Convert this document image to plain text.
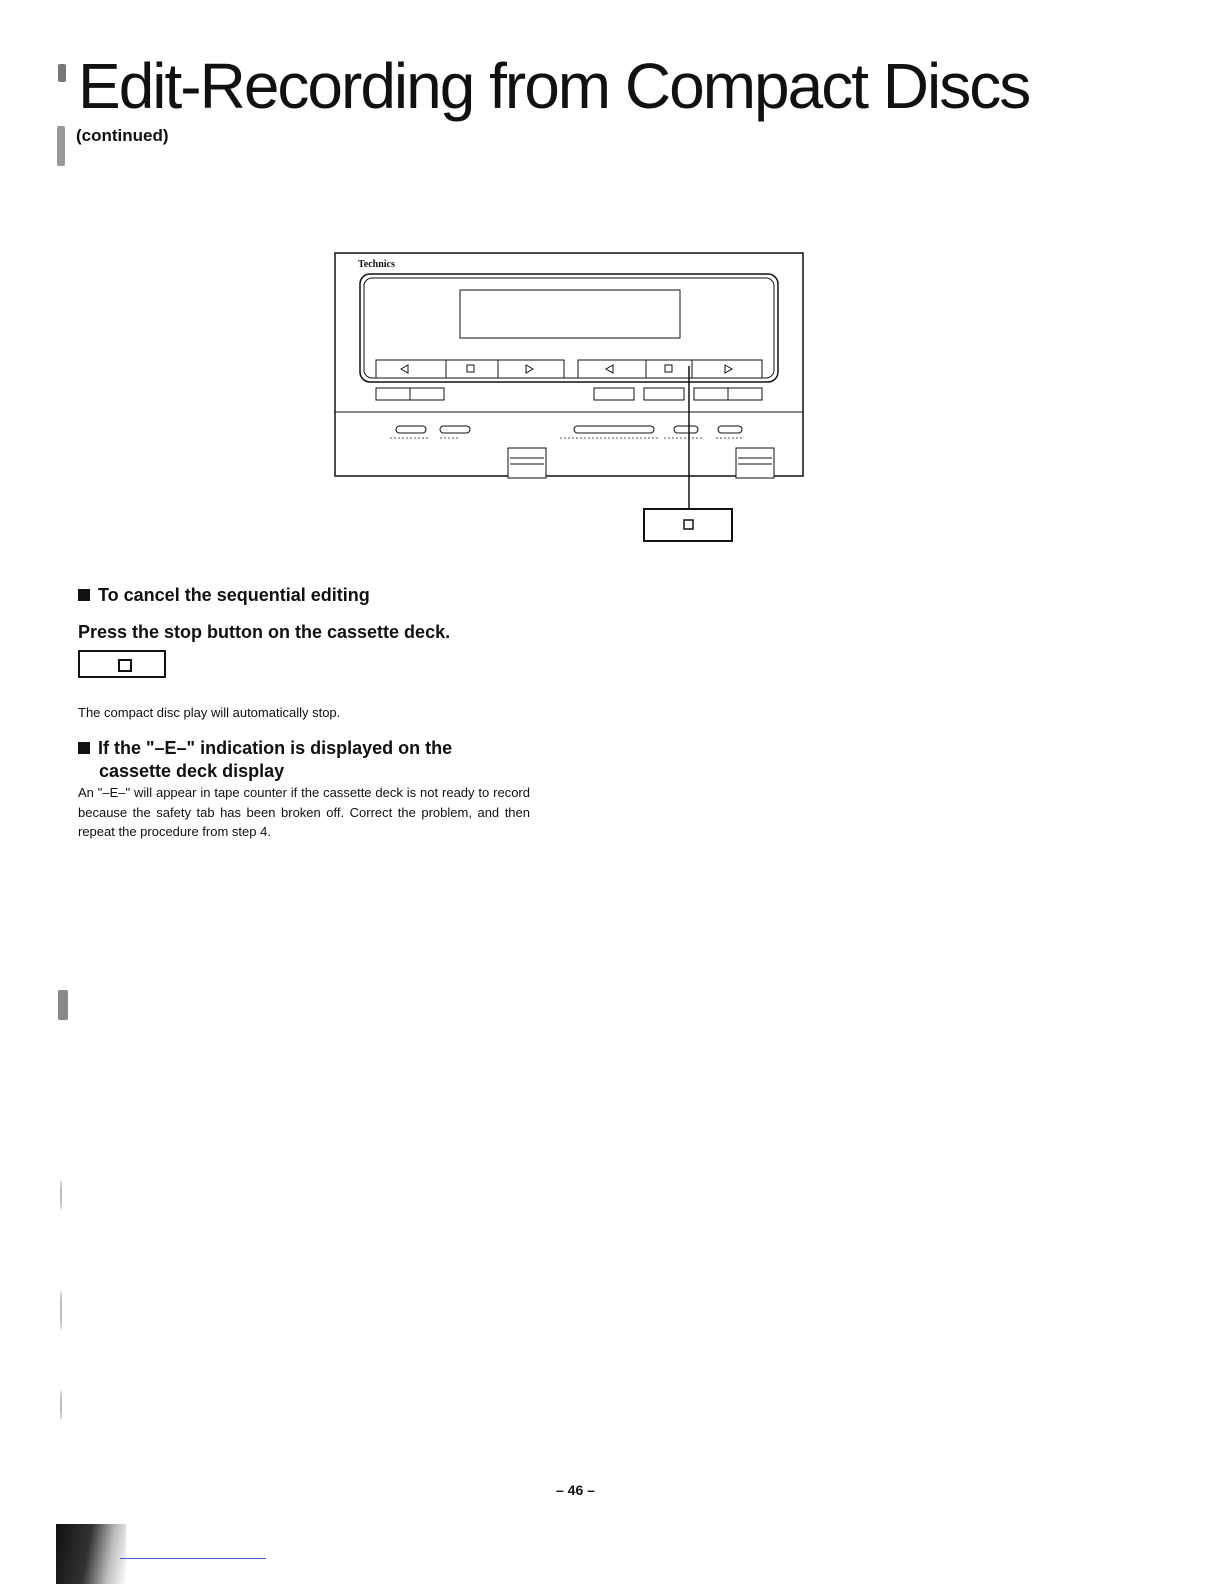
Edit-Recording from Compact Discs
(continued)
Technics
To cancel the sequential editing
Press the stop button on the cassette deck.
The compact disc play will automatically stop.
If the "–E–" indication is displayed on the
cassette deck display
An "–E–" will appear in tape counter if the cassette deck is not ready to record because the safety tab has been broken off. Correct the problem, and then repeat the procedure from step 4.
– 46 –
